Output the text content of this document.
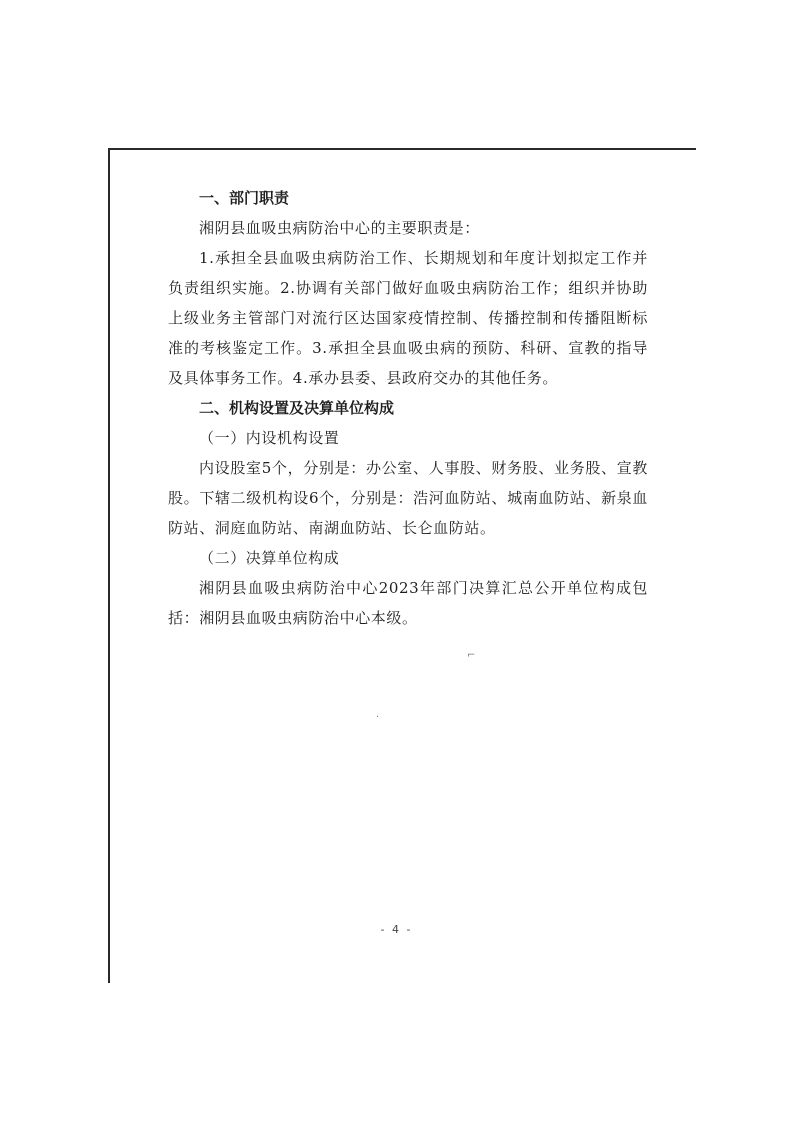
一、部门职责

湘阴县血吸虫病防治中心的主要职责是：

1.承担全县血吸虫病防治工作、长期规划和年度计划拟定工作并负责组织实施。2.协调有关部门做好血吸虫病防治工作；组织并协助上级业务主管部门对流行区达国家疫情控制、传播控制和传播阻断标准的考核鉴定工作。3.承担全县血吸虫病的预防、科研、宣教的指导及具体事务工作。4.承办县委、县政府交办的其他任务。

二、机构设置及决算单位构成
（一）内设机构设置

内设股室5个，分别是：办公室、人事股、财务股、业务股、宣教股。下辖二级机构设6个，分别是：浩河血防站、城南血防站、新泉血防站、洞庭血防站、南湖血防站、长仑血防站。

（二）决算单位构成

湘阴县血吸虫病防治中心2023年部门决算汇总公开单位构成包括：湘阴县血吸虫病防治中心本级。

⌐
·
- 4 -
